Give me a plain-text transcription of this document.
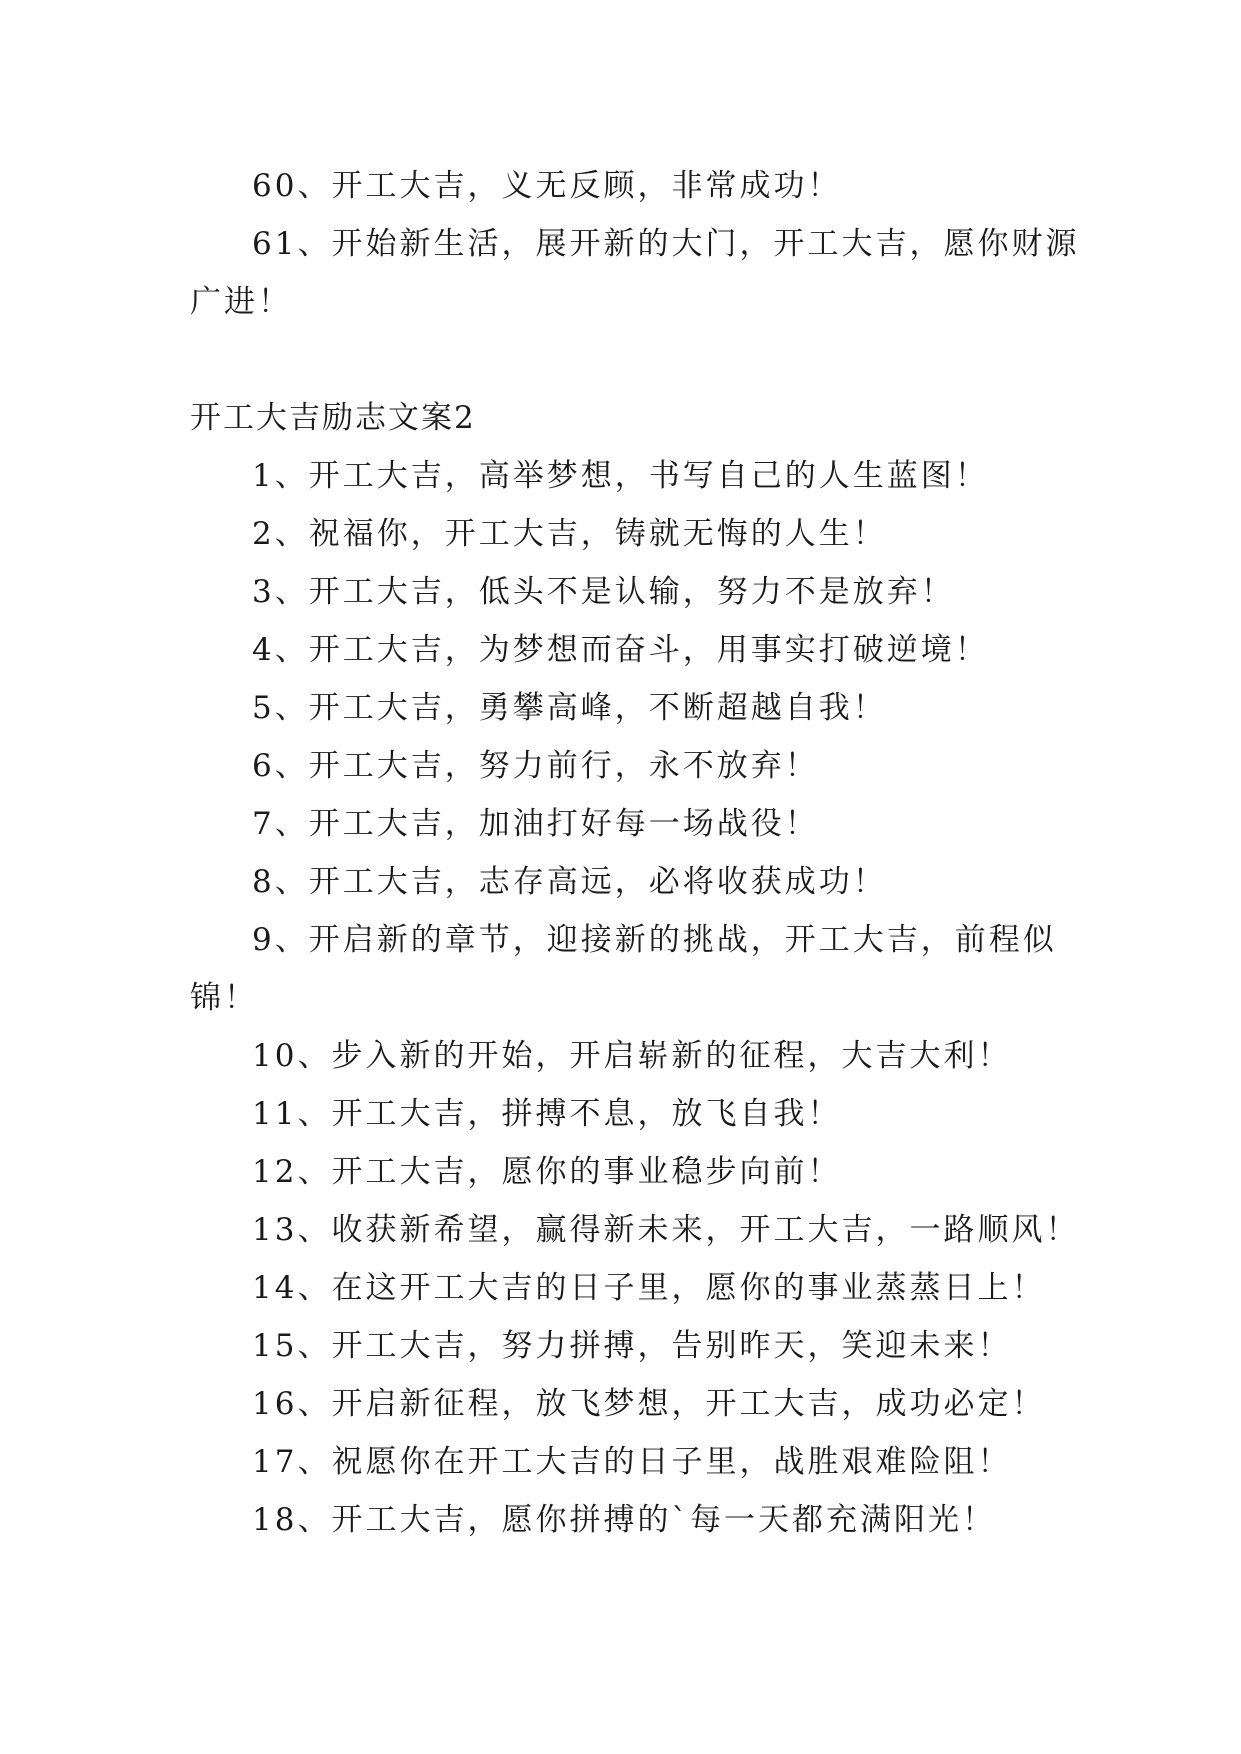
60、开工大吉，义无反顾，非常成功！
61、开始新生活，展开新的大门，开工大吉，愿你财源
广进！
开工大吉励志文案2
1、开工大吉，高举梦想，书写自己的人生蓝图！
2、祝福你，开工大吉，铸就无悔的人生！
3、开工大吉，低头不是认输，努力不是放弃！
4、开工大吉，为梦想而奋斗，用事实打破逆境！
5、开工大吉，勇攀高峰，不断超越自我！
6、开工大吉，努力前行，永不放弃！
7、开工大吉，加油打好每一场战役！
8、开工大吉，志存高远，必将收获成功！
9、开启新的章节，迎接新的挑战，开工大吉，前程似
锦！
10、步入新的开始，开启崭新的征程，大吉大利！
11、开工大吉，拼搏不息，放飞自我！
12、开工大吉，愿你的事业稳步向前！
13、收获新希望，赢得新未来，开工大吉，一路顺风！
14、在这开工大吉的日子里，愿你的事业蒸蒸日上！
15、开工大吉，努力拼搏，告别昨天，笑迎未来！
16、开启新征程，放飞梦想，开工大吉，成功必定！
17、祝愿你在开工大吉的日子里，战胜艰难险阻！
18、开工大吉，愿你拼搏的`每一天都充满阳光！
